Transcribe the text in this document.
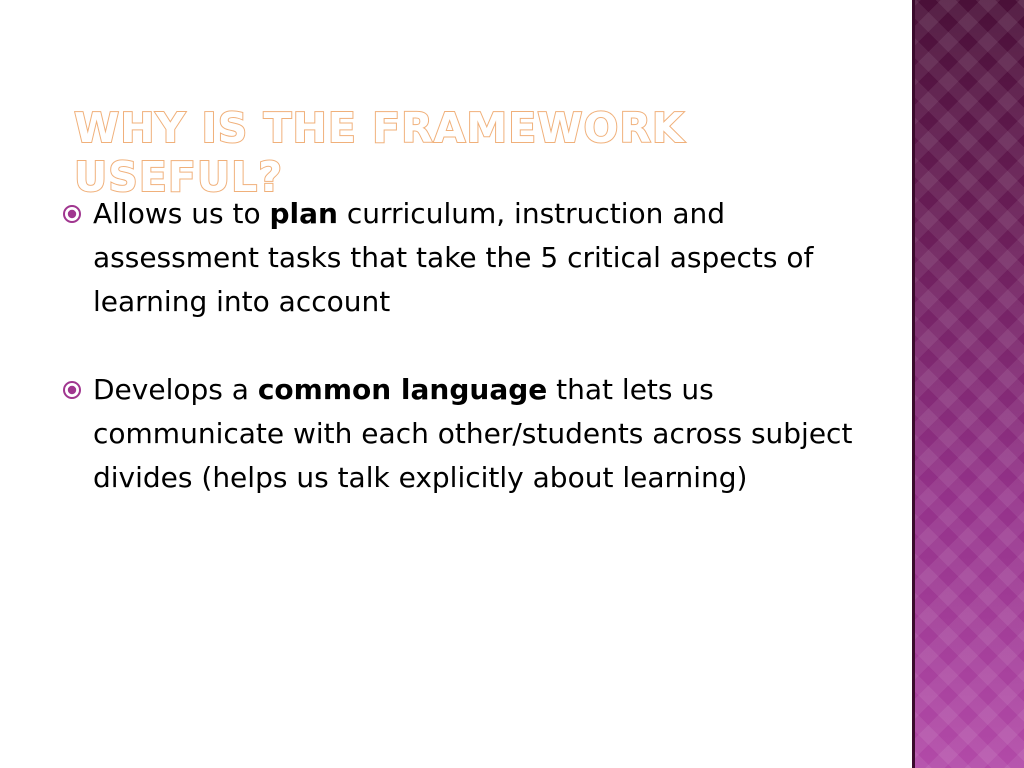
WHY IS THE FRAMEWORK USEFUL?
Allows us to plan curriculum, instruction and assessment tasks that take the 5 critical aspects of learning into account
Develops a common language that lets us communicate with each other/students across subject divides (helps us talk explicitly about learning)
